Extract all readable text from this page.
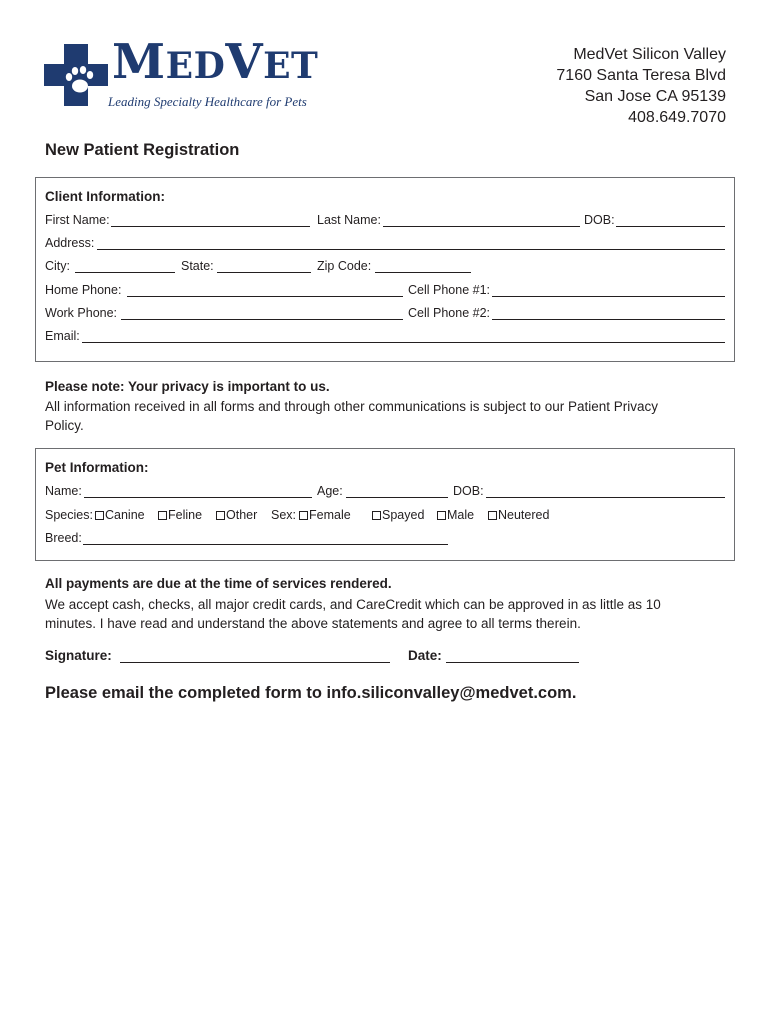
MEDVET
Leading Specialty Healthcare for Pets
MedVet Silicon Valley
7160 Santa Teresa Blvd
San Jose CA 95139
408.649.7070
New Patient Registration
Client Information:
First Name:	Last Name:	DOB:
Address:
City:	State:	Zip Code:
Home Phone:	Cell Phone #1:
Work Phone:	Cell Phone #2:
Email:
Please note: Your privacy is important to us.
All information received in all forms and through other communications is subject to our Patient Privacy Policy.
Pet Information:
Name:	Age:	DOB:
Species: Canine	Feline	Other Sex:	Female	Spayed	Male	Neutered
Breed:
All payments are due at the time of services rendered.
We accept cash, checks, all major credit cards, and CareCredit which can be approved in as little as 10 minutes. I have read and understand the above statements and agree to all terms therein.
Signature:	Date:
Please email the completed form to info.siliconvalley@medvet.com.
